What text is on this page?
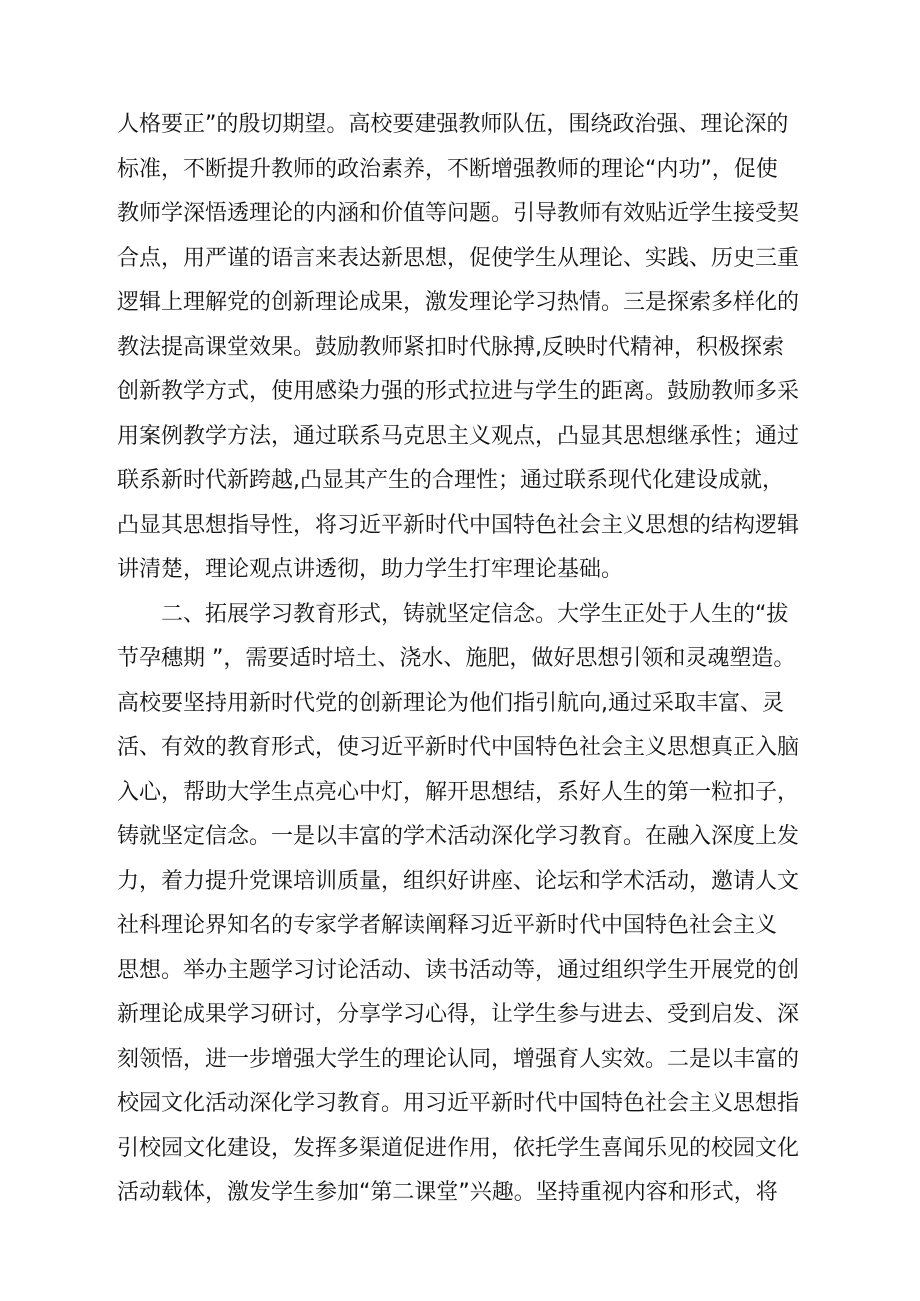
人格要正”的殷切期望。高校要建强教师队伍，围绕政治强、理论深的
标准，不断提升教师的政治素养，不断增强教师的理论“内功”，促使
教师学深悟透理论的内涵和价值等问题。引导教师有效贴近学生接受契
合点，用严谨的语言来表达新思想，促使学生从理论、实践、历史三重
逻辑上理解党的创新理论成果，激发理论学习热情。三是探索多样化的
教法提高课堂效果。鼓励教师紧扣时代脉搏,反映时代精神，积极探索
创新教学方式，使用感染力强的形式拉进与学生的距离。鼓励教师多采
用案例教学方法，通过联系马克思主义观点，凸显其思想继承性；通过
联系新时代新跨越,凸显其产生的合理性；通过联系现代化建设成就，
凸显其思想指导性，将习近平新时代中国特色社会主义思想的结构逻辑
讲清楚，理论观点讲透彻，助力学生打牢理论基础。
二、拓展学习教育形式，铸就坚定信念。大学生正处于人生的“拔
节孕穗期 ”，需要适时培土、浇水、施肥，做好思想引领和灵魂塑造。
高校要坚持用新时代党的创新理论为他们指引航向,通过采取丰富、灵
活、有效的教育形式，使习近平新时代中国特色社会主义思想真正入脑
入心，帮助大学生点亮心中灯，解开思想结，系好人生的第一粒扣子，
铸就坚定信念。一是以丰富的学术活动深化学习教育。在融入深度上发
力，着力提升党课培训质量，组织好讲座、论坛和学术活动，邀请人文
社科理论界知名的专家学者解读阐释习近平新时代中国特色社会主义
思想。举办主题学习讨论活动、读书活动等，通过组织学生开展党的创
新理论成果学习研讨，分享学习心得，让学生参与进去、受到启发、深
刻领悟，进一步增强大学生的理论认同，增强育人实效。二是以丰富的
校园文化活动深化学习教育。用习近平新时代中国特色社会主义思想指
引校园文化建设，发挥多渠道促进作用，依托学生喜闻乐见的校园文化
活动载体，激发学生参加“第二课堂”兴趣。坚持重视内容和形式，将
